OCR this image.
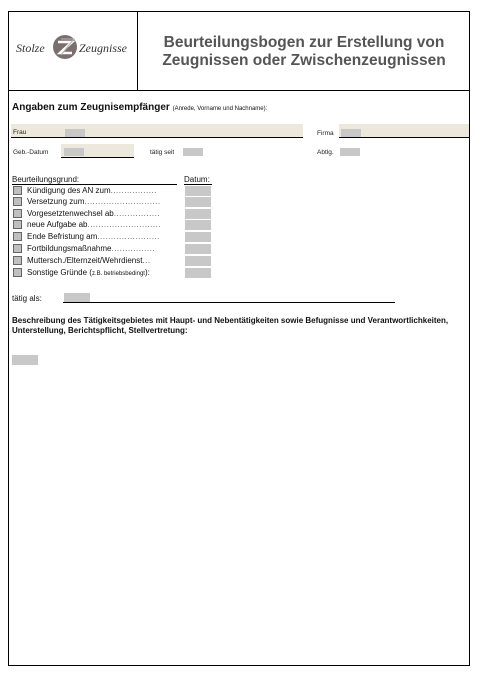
Stolze	Zeugnisse	Beurteilungsbogen zur Erstellung von
Zeugnissen oder Zwischenzeugnissen
Angaben zum Zeugnisempfänger (Anrede, Vorname und Nachname):
Frau	Firma
Geb.-Datum	tätig seit	Abtlg.
Beurteilungsgrund:	Datum:
Kündigung des AN zum.................
Versetzung zum............................
Vorgesetztenwechsel ab.................
neue Aufgabe ab...........................
Ende Befristung am.......................
Fortbildungsmaßnahme................
Muttersch./Elternzeit/Wehrdienst...
Sonstige Gründe (z.B. betriebsbedingt):
tätig als:
Beschreibung des Tätigkeitsgebietes mit Haupt- und Nebentätigkeiten sowie Befugnisse und Verantwortlichkeiten, Unterstellung, Berichtspflicht, Stellvertretung:
